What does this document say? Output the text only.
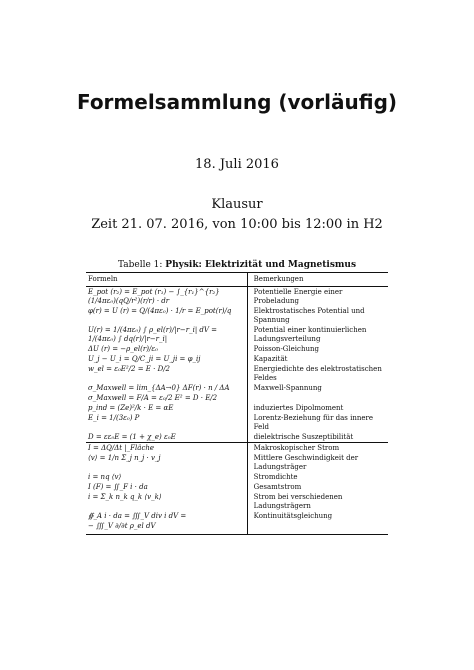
Formelsammlung (vorläufig)
18. Juli 2016
Klausur
Zeit 21. 07. 2016, von 10:00 bis 12:00 in H2
Tabelle 1: Physik: Elektrizität und Magnetismus
Formeln	Bemerkungen
E_pot (r₂) = E_pot (r₁) − ∫_{r₁}^{r₂} (1/4πε₀)(qQ/r²)(r/r) · dr	Potentielle Energie einer Probeladung
φ(r) = U (r) = Q/(4πε₀) · 1/r = E_pot(r)/q	Elektrostatisches Potential und Spannung
U(r) = 1/(4πε₀) ∫ ρ_el(r)/|r−r_i| dV = 1/(4πε₀) ∫ dq(r)/|r−r_i|	Potential einer kontinuierlichen Ladungsverteilung
ΔU (r) = −ρ_el(r)/ε₀	Poisson-Gleichung
U_j − U_i = Q/C_ji = U_ji = φ_ij	Kapazität
w_el = ε₀E²/2 = E · D/2	Energiedichte des elektrostatischen Feldes
σ_Maxwell = lim_{ΔA→0} ΔF(r) · n / ΔA	Maxwell-Spannung
σ_Maxwell = F/A = ε₀/2 E² = D · E/2	
p_ind = (Ze)²/k · E = αE	induziertes Dipolmoment
E_i = 1/(3ε₀) P	Lorentz-Beziehung für das innere Feld
D = εε₀E = (1 + χ_e) ε₀E	dielektrische Suszeptibilität
I = ΔQ/Δt |_Fläche	Makroskopischer Strom
⟨v⟩ = 1/n Σ_j n_j · v_j	Mittlere Geschwindigkeit der Ladungsträger
i = nq ⟨v⟩	Stromdichte
I (F) = ∬_F i · da	Gesamtstrom
i = Σ_k n_k q_k ⟨v_k⟩	Strom bei verschiedenen Ladungsträgern
∯_A i · da = ∭_V div i dV =	Kontinuitätsgleichung
− ∭_V ∂/∂t ρ_el dV	
